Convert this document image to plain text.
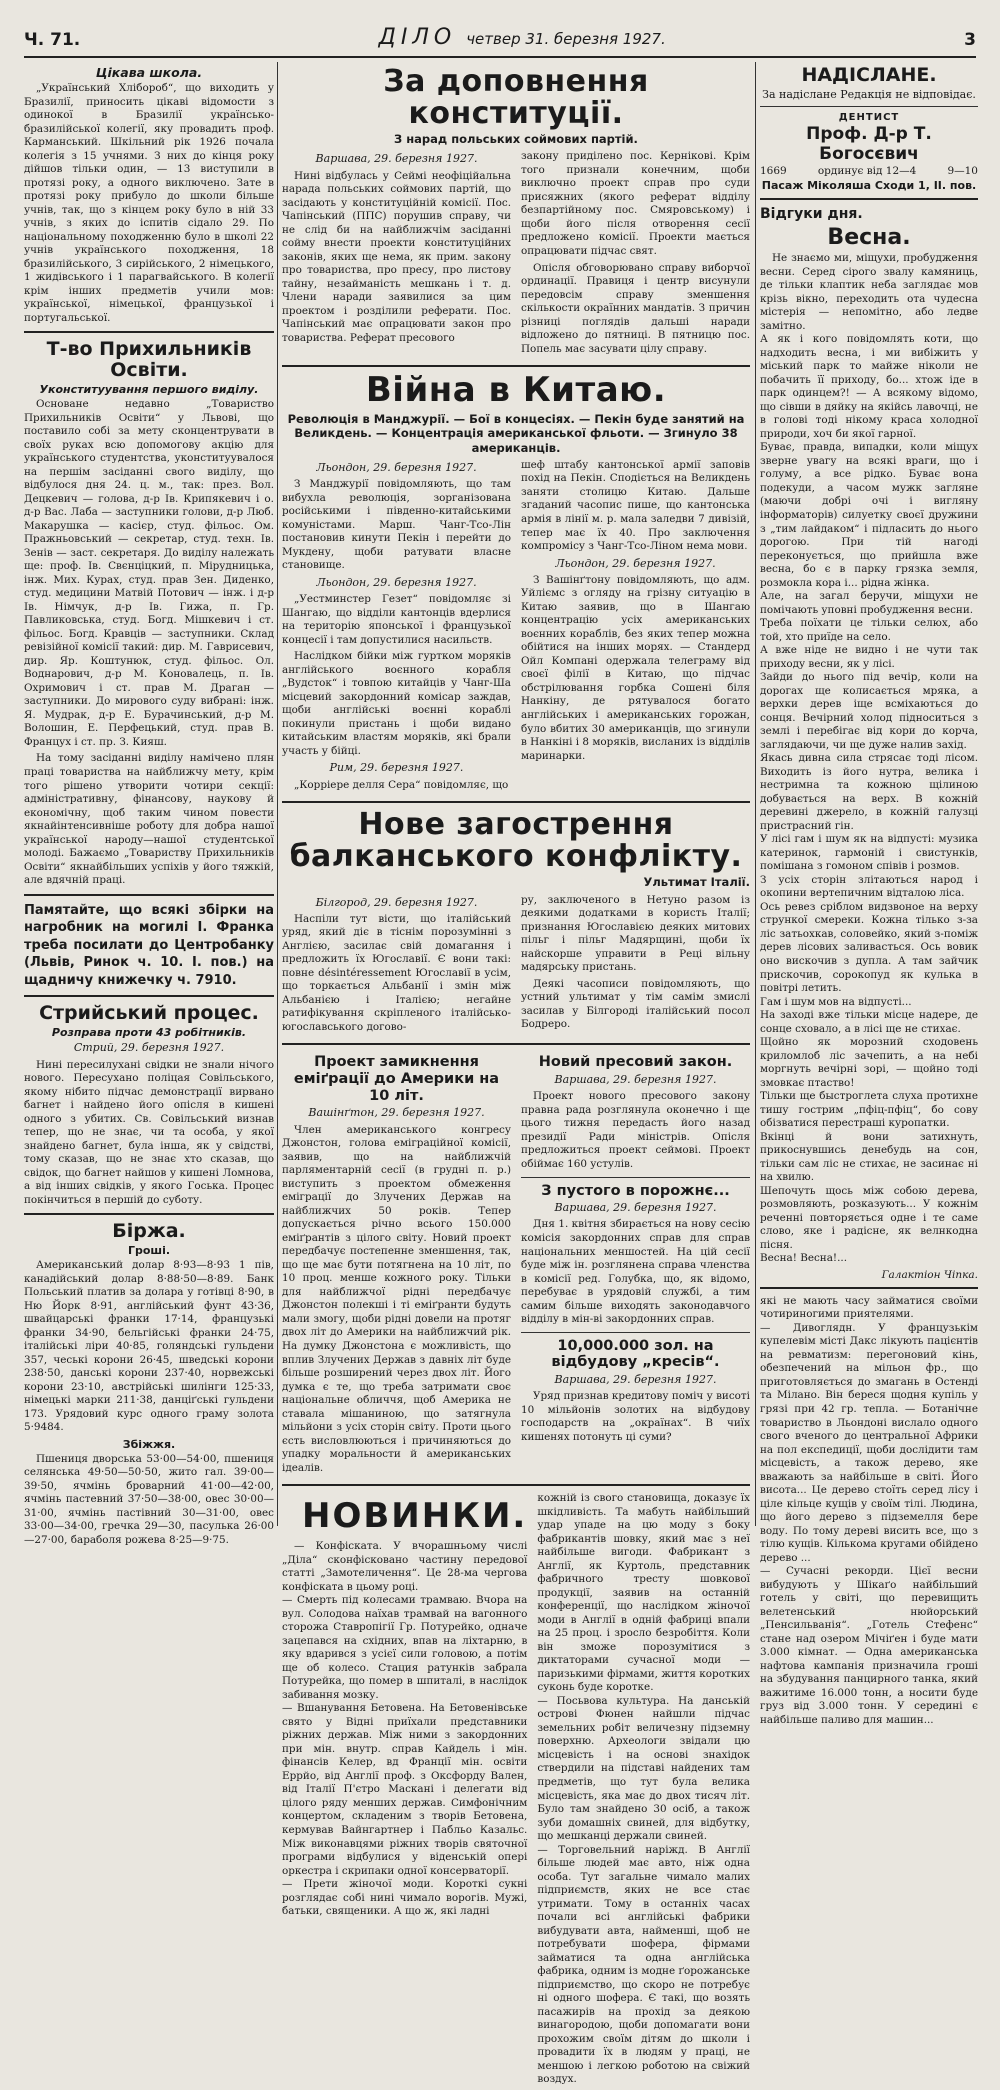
Ч. 71.	ДІЛО четвер 31. березня 1927.	3
Цікава школа.

„Український Хлібороб“, що виходить у Бразилії, приносить цікаві відомости з одинокої в Бразилії українсько-бразилійської колегії, яку провадить проф. Карманський. Шкільний рік 1926 почала колегія з 15 учнями. З них до кінця року дійшов тільки один, — 13 виступили в протязі року, а одного виключено. Затe в протязі року прибуло до школи більше учнів, так, що з кінцем року було в ній 33 учнів, з яких до іспитів сідало 29. По національному походженню було в школі 22 учнів українського походження, 18 бразилійського, 3 сирійського, 2 німецького, 1 жидівського і 1 парагвайського. В колегії крім інших предметів учили мов: української, німецької, французької і португальської.

Т-во Прихильників Освіти.
Уконституування першого виділу.

Основане недавно „Товариство Прихильників Освіти“ у Львові, що поставило собі за мету сконцентрувати в своїх руках всю допомогову акцію для українського студентства, уконституувалося на першім засіданні свого виділу, що відбулося дня 24. ц. м., так: през. Вол. Децкевич — голова, д-р Ів. Крипякевич і о. д-р Вас. Лаба — заступники голови, д-р Люб. Макарушка — касієр, студ. фільос. Ом. Пражньовський — секретар, студ. техн. Ів. Зенів — заст. секретаря. До виділу належать ще: проф. Ів. Свєнціцкий, п. Мірудницька, інж. Мих. Курах, студ. прав Зен. Диденко, студ. медицини Матвій Потович — інж. і д-р Ів. Німчук, д-р Ів. Гижа, п. Гр. Павликовська, студ. Богд. Мішкевич і ст. фільос. Богд. Кравців — заступники. Склад ревізійної комісії такий: дир. М. Гаврисевич, дир. Яр. Коштунюк, студ. фільос. Ол. Воднарович, д-р М. Коновалець, п. Ів. Охримович і ст. прав М. Драган — заступники. До мирового суду вибрані: інж. Я. Мудрак, д-р Е. Бурачинський, д-р М. Волошин, Е. Перфецький, студ. прав В. Францух і ст. пр. З. Кияш.

На тому засіданні виділу намічено плян праці товариства на найближчу мету, крім того рішено утворити чотири секції: адміністративну, фінансову, наукову й економічну, щоб таким чином повести якнайінтенсивніше роботу для добра нашої української народу—нашої студентської молоді. Бажаємо „Товариству Прихильників Освіти“ якнайбільших успіхів у його тяжкій, але вдячній праці.

Памятайте, що всякі збірки на нагробник на могилі І. Франка треба посилати до Центробанку (Львів, Ринок ч. 10. І. пов.) на щадничу книжечку ч. 7910.
Стрийський процес.
Розправа проти 43 робітників.

Стрий, 29. березня 1927.

Нині пересилухані свідки не знали нічого нового. Пересухано поліцая Совільського, якому нібито підчас демонстрації вирвано багнет і найдено його опісля в кишені одного з убитих. Св. Совільський визнав тепер, що не знає, чи та особа, у якої знайдено багнет, була інша, як у свідстві, тому сказав, що не знає хто сказав, що свідок, що багнет найшов у кишені Ломнова, а від інших свідків, у якого Госька. Процес покінчиться в першій до суботу.

Біржа.
Гроші.

Американський долар 8·93—8·93 1 пів, канадійський долар 8·88·50—8·89. Банк Польський платив за долара у готівці 8·90, в Ню Йорк 8·91, англійський фунт 43·36, швайцарські франки 17·14, французькі франки 34·90, бельгійські франки 24·75, італійські ліри 40·85, голяндські гульдени 357, чеські корони 26·45, шведські корони 238·50, данські корони 237·40, норвежські корони 23·10, австрійські шилінги 125·33, німецькі марки 211·38, данціґські гульдени 173. Урядовий курс одного граму золота 5·9484.

Збіжжя.

Пшениця дворська 53·00—54·00, пшениця селянська 49·50—50·50, жито гал. 39·00—39·50, ячмінь броварний 41·00—42·00, ячмінь пастевний 37·50—38·00, овес 30·00—31·00, ячмінь пастівний 30—31·00, овес 33·00—34·00, гречка 29—30, пасулька 26·00—27·00, бараболя рожева 8·25—9·75.

За доповнення конституції.
З нарад польських соймових партій.

Варшава, 29. березня 1927.

Нині відбулась у Сеймі неофіційальна нарада польських соймових партій, що засідають у конституційній комісії. Пос. Чапінський (ППС) порушив справу, чи не слід би на найближчім засіданні сойму внести проекти конституційних законів, яких ще нема, як прим. закону про товариства, про пресу, про листову тайну, незайманість мешкань і т. д. Члени наради заявилися за цим проектом і розділили реферати. Пос. Чапінський має опрацювати закон про товариства. Реферат пресового

закону приділено пос. Керніковi. Крім того признали конечним, щоби виключно проект справ про суди присяжних (якого реферат відділу безпартійному пос. Смяровському) і щоби його після отворення сесії предложено комісії. Проекти мається опрацювати підчас свят.

Опісля обговорювано справу виборчої ординації. Правиця і центр висунули передовсім справу зменшення скількости окраїнних мандатів. З причин різниці поглядів дальші наради відложено до пятниці. В пятницю пос. Попель має засувати цілу справу.

Війна в Китаю.
Революція в Манджурії. — Бої в концесіях. — Пекін буде занятий на Великдень. — Концентрація американської фльоти. — Згинуло 38 американців.

Льондон, 29. березня 1927.

З Манджурії повідомляють, що там вибухла революція, зорганізована російськими і південно-китайськими комуністами. Марш. Чанг-Тсо-Лін постановив кинути Пекін і перейти до Мукдену, щоби ратувати власне становище.

Льондон, 29. березня 1927.

„Уестминстер Гезет“ повідомляє зі Шангаю, що відділи кантонців вдерлися на територію японської і французької концесії і там допустилися насильств.

Наслідком бійки між гуртком моряків англійського воєнного корабля „Вудсток“ і товпою китайців у Чанг-Ша місцевий закордонний комісар заждав, щоби англійські воєнні кораблі покинули пристань і щоби видано китайським властям моряків, які брали участь у бійці.

Рим, 29. березня 1927.

„Корріере делля Сера“ повідомляє, що

шеф штабу кантонської армії заповів похід на Пекін. Сподіється на Великдень заняти столицю Китаю. Дальше згаданий часопис пише, що кантонська армія в лінії м. р. мала заледви 7 дивізій, тепер має їх 40. Про заключення компромісу з Чанг-Тсо-Ліном нема мови.

Льондон, 29. березня 1927.

З Вашінґтону повідомляють, що адм. Уйліємс з огляду на грізну ситуацію в Китаю заявив, що в Шангаю концентрацію усіх американських воєнних кораблів, без яких тепер можна обійтися на інших морях. — Стандерд Ойл Компані одержала телеграму від своєї філії в Китаю, що підчас обстрілювання горбка Сошені біля Нанкіну, де рятувалося богато англійських і американських горожан, було вбитих 30 американців, що згинули в Нанкіні і 8 моряків, висланих із відділів маринарки.

Нове загострення балканського конфлікту.
Ультимат Італії.

Білгород, 29. березня 1927.

Наспіли тут вісти, що італійський уряд, який діє в тіснім порозумінні з Англією, засилає свій домагання і предложить їх Югославії. Є вони такі: повне désintéressement Югославії в усім, що торкається Альбанії і змін між Альбанією і Італією; негайне ратифікування скріпленого італійсько-югославського догово-

ру, заключеного в Нетуно разом із деякими додатками в користь Італії; признання Югославією деяких митових пільг і пільг Мадярщині, щоби їх найскорше управити в Реці вільну мадярську пристань.

Деякі часописи повідомляють, що устний ультимат у тім самім змислі засилав у Білгороді італійський посол Бодреро.

Проект замикнення еміґрації до Америки на 10 літ.

Вашінґтон, 29. березня 1927.

Член американського конгресу Джонстон, голова еміграційної комісії, заявив, що на найближчій парляментарній сесії (в грудні п. р.) виступить з проектом обмеження еміграції до Злучених Держав на найближчих 50 років. Тепер допускається річно всього 150.000 еміґрантів з цілого світу. Новий проект передбачує постепенне зменшення, так, що ще має бути потягнена на 10 літ, по 10 проц. менше кожного року. Тільки для найближчої рідні передбачує Джонстон полекші і ті еміґранти будуть мали змогу, щоби рідні довели на протяг двох літ до Америки на найближчий рік. На думку Джонстона є можливість, що вплив Злучених Держав з давніх літ буде більше розширений через двох літ. Його думка є те, що треба затримати своє національне обличчя, щоб Америка не ставала мішаниною, що затягнула мільйони з усіх сторін світу. Проти цього єсть висловлюються і причиняються до упадку моральности й американських ідеалів.

Новий пресовий закон.

Варшава, 29. березня 1927.

Проект нового пресового закону правна рада розглянула оконечно і ще цього тижня передасть його назад президії Ради міністрів. Опісля предложиться проект сеймові. Проект обіймає 160 устулів.

З пустого в порожнє...

Варшава, 29. березня 1927.

Дня 1. квітня збирається на нову сесію комісія закордонних справ для справ національних меншостей. На цій сесії буде між ін. розглянена справа членства в комісії ред. Голубка, що, як відомо, перебуває в урядовій службі, а тим самим більше виходять законодавчого відділу в мін-ві закордонних справ.

10,000.000 зол. на відбудову „кресів“.

Варшава, 29. березня 1927.

Уряд признав кредитову поміч у висоті 10 мільйонів золотих на відбудову господарств на „окраїнах“. В чиїх кишенях потонуть ці суми?

НОВИНКИ.

— Конфіската. У вчорашньому числі „Діла“ сконфісковано частину передової статті „Замотеличення“. Це 28-ма чергова конфіската в цьому році.
— Смерть під колесами трамваю. Вчора на вул. Солодова наїхав трамвай на вагонного сторожа Ставропігії Гр. Потурейко, одначе зацепався на східних, впав на ліхтарню, в яку вдарився з усієї сили головою, а потім ще об колесо. Стация ратунків забрала Потурейка, що помер в шпиталі, в наслідок забивання мозку.
— Вшанування Бетовена. На Бетовенівське свято у Відні приїхали представники ріжних держав. Між ними з закордонних при мін. внутр. справ Кайдель і мін. фінансів Келер, вд Франції мін. освіти Еррйо, від Англії проф. з Оксфорду Вален, від Італії П'єтро Маскані і делегати від цілого ряду менших держав. Симфонічним концертом, складеним з творів Бетовена, кермував Вайнгартнер і Пабльо Казальс. Між виконавцями ріжних творів святочної програми відбулися у віденській опері оркестра і скрипаки одної консерваторії.
— Прети жіночої моди. Короткі сукні розглядає собі нині чимало ворогів. Мужі, батьки, священики. А що ж, які ладні

кожній із свого становища, доказує їх шкідливість. Та мабуть найбільший удар упаде на цю моду з боку фабрикантів шовку, який має з неї найбільше вигоди. Фабрикант з Англії, як Куртоль, представник фабричного тресту шовкової продукції, заявив на останній конференції, що наслідком жіночої моди в Англії в одній фабриці впали на 25 проц. і зросло безробіття. Коли він зможе порозумітися з диктаторами сучасної моди — паризькими фірмами, життя коротких суконь буде коротке.
— Посьвова культура. На данській острові Фюнен найшли підчас земельних робіт величезну підземну поверхню. Археологи звідали цю місцевість і на основі знахідок ствердили на підставі найдених там предметів, що тут була велика місцевість, яка має до двох тисяч літ. Було там знайдено 30 осіб, а також зуби домашніх свиней, для відбутку, що мешканці держали свиней.
— Торговельний наріжд. В Англії більше людей має авто, ніж одна особа. Тут загальне чимало малих підприємств, яких не все стає утримати. Тому в останніх часах почали всі англійські фабрики вибудувати авта, найменші, щоб не потребувати шофера, фірмами займатися та одна англійська фабрика, одним із модне ґорожанське підприємство, що скоро не потребує ні одного шофера. Є такі, що возять пасажирів на прохід за деякою винагородою, щоби допомагати вони прохожим своїм дітям до школи і провадити їх в людям у праці, не меншою і легкою роботою на свіжий воздух.

НАДІСЛАНЕ.
За надіслане Редакція не відповідає.
ДЕНТИСТ
Проф. Д-р Т. Богосєвич
1669	ординує від 12—4	9—10
Пасаж Міколяша Сходи 1, II. пов.
Відгуки дня.
Весна.

Не знаємо ми, міщухи, пробудження весни. Серед сірого звалу камяниць, де тільки клаптик неба заглядає мов крізь вікно, переходить ота чудесна містерія — непомітно, або ледве замітно.
А як і кого повідомлять коти, що надходить весна, і ми вибіжить у міський парк то майже ніколи не побачить її приходу, бо... хтож іде в парк одинцем?! — А всякому відомо, що сівши в дяйку на якійсь лавочці, не в голові тоді нікому краса холодної природи, хоч би якої гарної.
Буває, правда, випадки, коли міщух зверне увагу на всякі враги, що і голуму, а все рідко. Буває вона подекуди, а часом мужк загляне (маючи добрі очі і вигляну інформаторів) силуетку своєї дружини з „тим лайдаком“ і підласить до нього дорогою. При тій нагоді переконується, що прийшла вже весна, бо є в парку грязка земля, розмокла кора і... рідна жінка.
Але, на загал беручи, міщухи не помічають уповні пробудження весни.
Треба поїхати це тільки селюх, або той, хто приїде на село.
А вже ніде не видно і не чути так приходу весни, як у лісі.
Зайди до нього під вечір, коли на дорогах ще колисається мряка, а верхки дерев іще всміхаються до сонця. Вечірний холод підноситься з землі і перебігає від кори до корча, заглядаючи, чи ще дуже налив захід.
Якась дивна сила стрясає тоді лісом. Виходить із його нутра, велика і нестримна та кожною щілиною добувається на верх. В кожній деревині джерело, в кожній галузці пристрасний гін.
У лісі гам і шум як на відпусті: музика катеринок, гармоній і свистунків, помішана з гомоном співів і розмов.
З усіх сторін злітаються народ і окопини вертепичним відталою ліса.
Ось ревез сріблом видзвоное на верху стрункої смереки. Кожна тілько з-за ліс затьохкав, соловейко, який з-поміж дерев лісових заливасться. Ось вовик оно вискочив з дупла. А там зайчик прискочив, сорокопуд як кулька в повітрі летить.
Гам і шум мов на відпусті...
На заході вже тільки місце надере, де сонце сховало, а в лісі ще не стихає.
Щойно як морозний сходовень криломлоб ліс зачепить, а на небі моргнуть вечірні зорі, — щойно тоді змовкає птаство!
Тільки ще быстроглета слуха протихне тишу гострим „пфіц-пфіц“, бо сову обізватися перестраші куропатки.
Вкінці й вони затихнуть, прикоснувшись денебудь на сон, тільки сам ліс не стихає, не засинає ні на хвилю.
Шепочуть щось між собою дерева, розмовляють, розказують... У кожнім реченні повторяється одне і те саме слово, яке і радісне, як велнкодна пісня.
Весна! Весна!...

Галактіон Чіпка.

які не мають часу займатися своїми чотириногими приятелями.
— Дивоглядн. У французькім купелевім місті Дакс лікують пацієнтів на ревматизм: перегоновий кінь, обезпечений на мільон фр., що приготовляється до змагань в Остенді та Мілано. Він береся щодня купіль у грязі при 42 гр. тепла. — Ботанічне товариство в Льондоні вислало одного свого вченого до центральної Африки на пол експедиції, щоби дослідити там місцевість, а також дерево, яке вважають за найбільше в світі. Його висота... Це дерево стоїть серед лісу і ціле кільце кущів у своїм тілі. Людина, що його дерево з підземелля бере воду. По тому дереві висить все, що з тілю кущів. Кількома кругами обійдено дерево ...
— Сучасні рекорди. Цієї весни вибудують у Шікаґо найбільший готель у світі, що перевищить велетенський нюйорський „Пенсильванія“. „Готель Стефенс“ стане над озером Мічіґен і буде мати 3.000 кімнат. — Одна американська нафтова кампанія призначила гроші на збудування панцирного танка, який важитиме 16.000 тонн, а носити буде груз від 3.000 тонн. У середині є найбільше паливо для машин...
